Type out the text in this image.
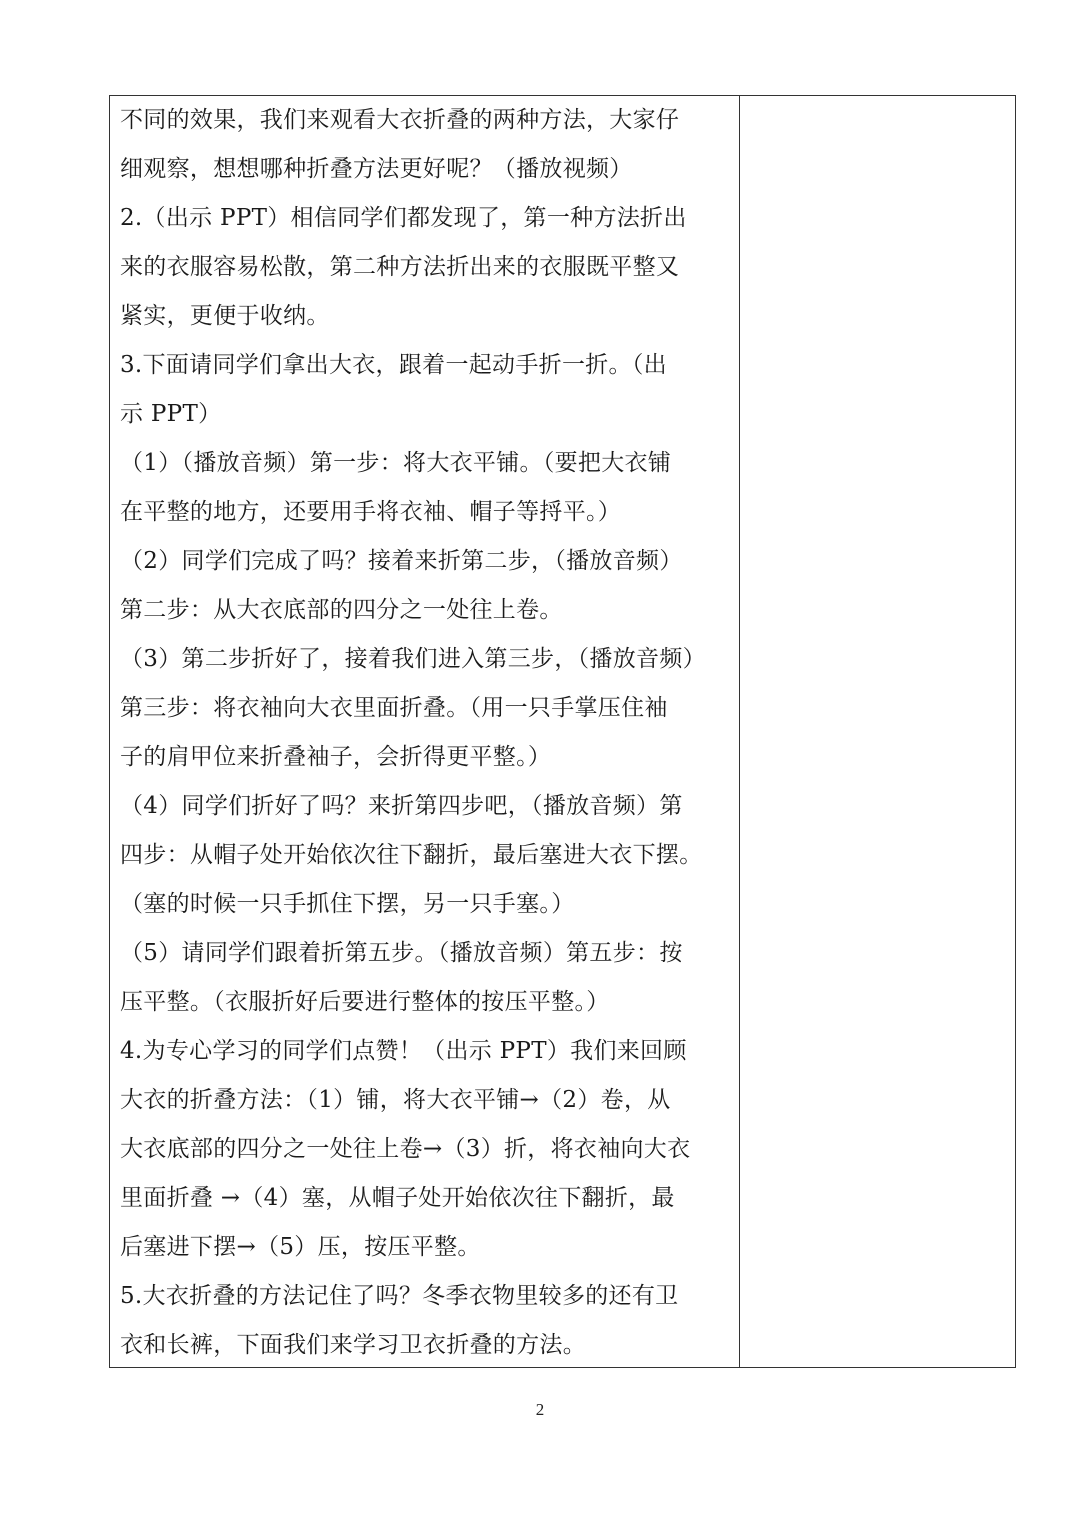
不同的效果，我们来观看大衣折叠的两种方法，大家仔
细观察，想想哪种折叠方法更好呢？（播放视频）
2.（出示 PPT）相信同学们都发现了，第一种方法折出
来的衣服容易松散，第二种方法折出来的衣服既平整又
紧实，更便于收纳。
3.下面请同学们拿出大衣，跟着一起动手折一折。（出
示 PPT）
（1）（播放音频）第一步：将大衣平铺。（要把大衣铺
在平整的地方，还要用手将衣袖、帽子等捋平。）
（2）同学们完成了吗？接着来折第二步，（播放音频）
第二步：从大衣底部的四分之一处往上卷。
（3）第二步折好了，接着我们进入第三步，（播放音频）
第三步：将衣袖向大衣里面折叠。（用一只手掌压住袖
子的肩甲位来折叠袖子，会折得更平整。）
（4）同学们折好了吗？来折第四步吧，（播放音频）第
四步：从帽子处开始依次往下翻折，最后塞进大衣下摆。
（塞的时候一只手抓住下摆，另一只手塞。）
（5）请同学们跟着折第五步。（播放音频）第五步：按
压平整。（衣服折好后要进行整体的按压平整。）
4.为专心学习的同学们点赞！（出示 PPT）我们来回顾
大衣的折叠方法：（1）铺，将大衣平铺→（2）卷，从
大衣底部的四分之一处往上卷→（3）折，将衣袖向大衣
里面折叠 →（4）塞，从帽子处开始依次往下翻折，最
后塞进下摆→（5）压，按压平整。
5.大衣折叠的方法记住了吗？冬季衣物里较多的还有卫
衣和长裤，下面我们来学习卫衣折叠的方法。
2
